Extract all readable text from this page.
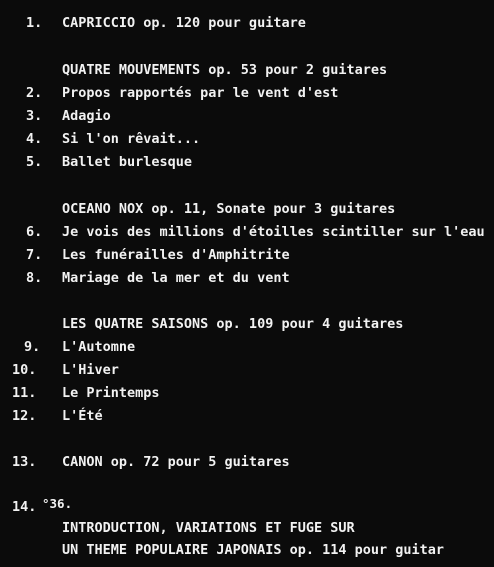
1. CAPRICCIO op. 120 pour guitare
QUATRE MOUVEMENTS op. 53 pour 2 guitares
2. Propos rapportés par le vent d'est
3. Adagio
4. Si l'on rêvait...
5. Ballet burlesque
OCEANO NOX op. 11, Sonate pour 3 guitares
6. Je vois des millions d'étoilles scintiller sur l'eau
7. Les funérailles d'Amphitrite
8. Mariage de la mer et du vent
LES QUATRE SAISONS op. 109 pour 4 guitares
9. L'Automne
10. L'Hiver
11. Le Printemps
12. L'Été
13. CANON op. 72 pour 5 guitares
14. °36.
INTRODUCTION, VARIATIONS ET FUGE SUR
UN THEME POPULAIRE JAPONAIS op. 114 pour guitar
